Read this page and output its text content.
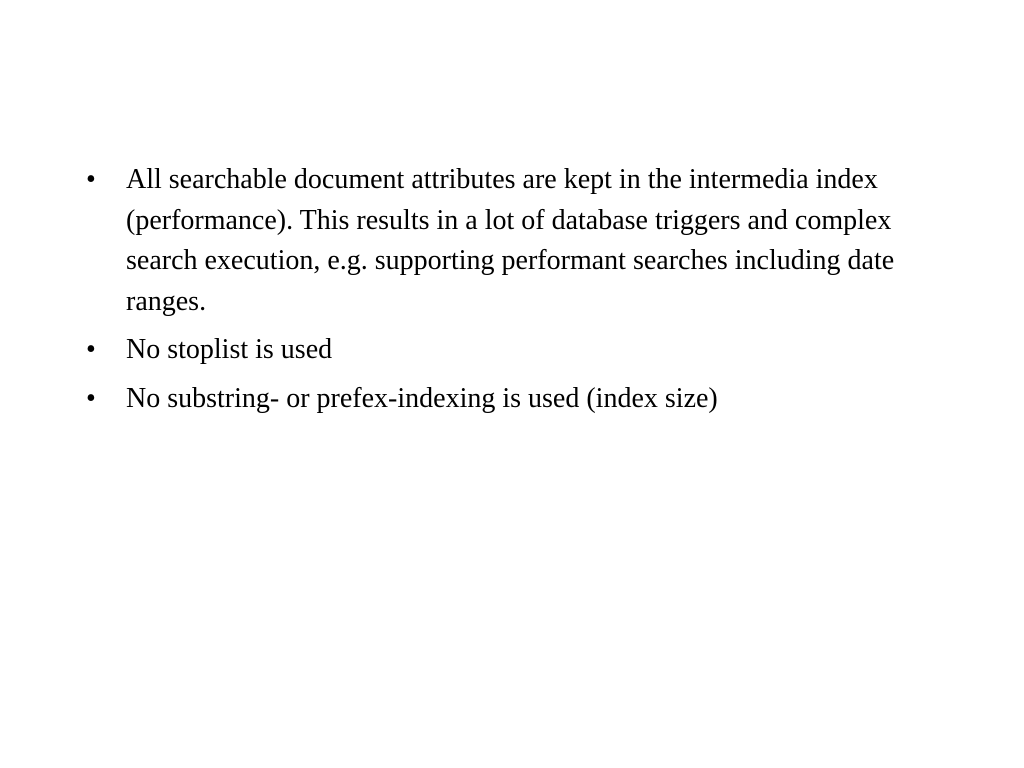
•	All searchable document attributes are kept in the intermedia index (performance). This results in a lot of database triggers and complex search execution, e.g. supporting performant searches including date ranges.
•	No stoplist is used
•	No substring- or prefex-indexing is used (index size)
